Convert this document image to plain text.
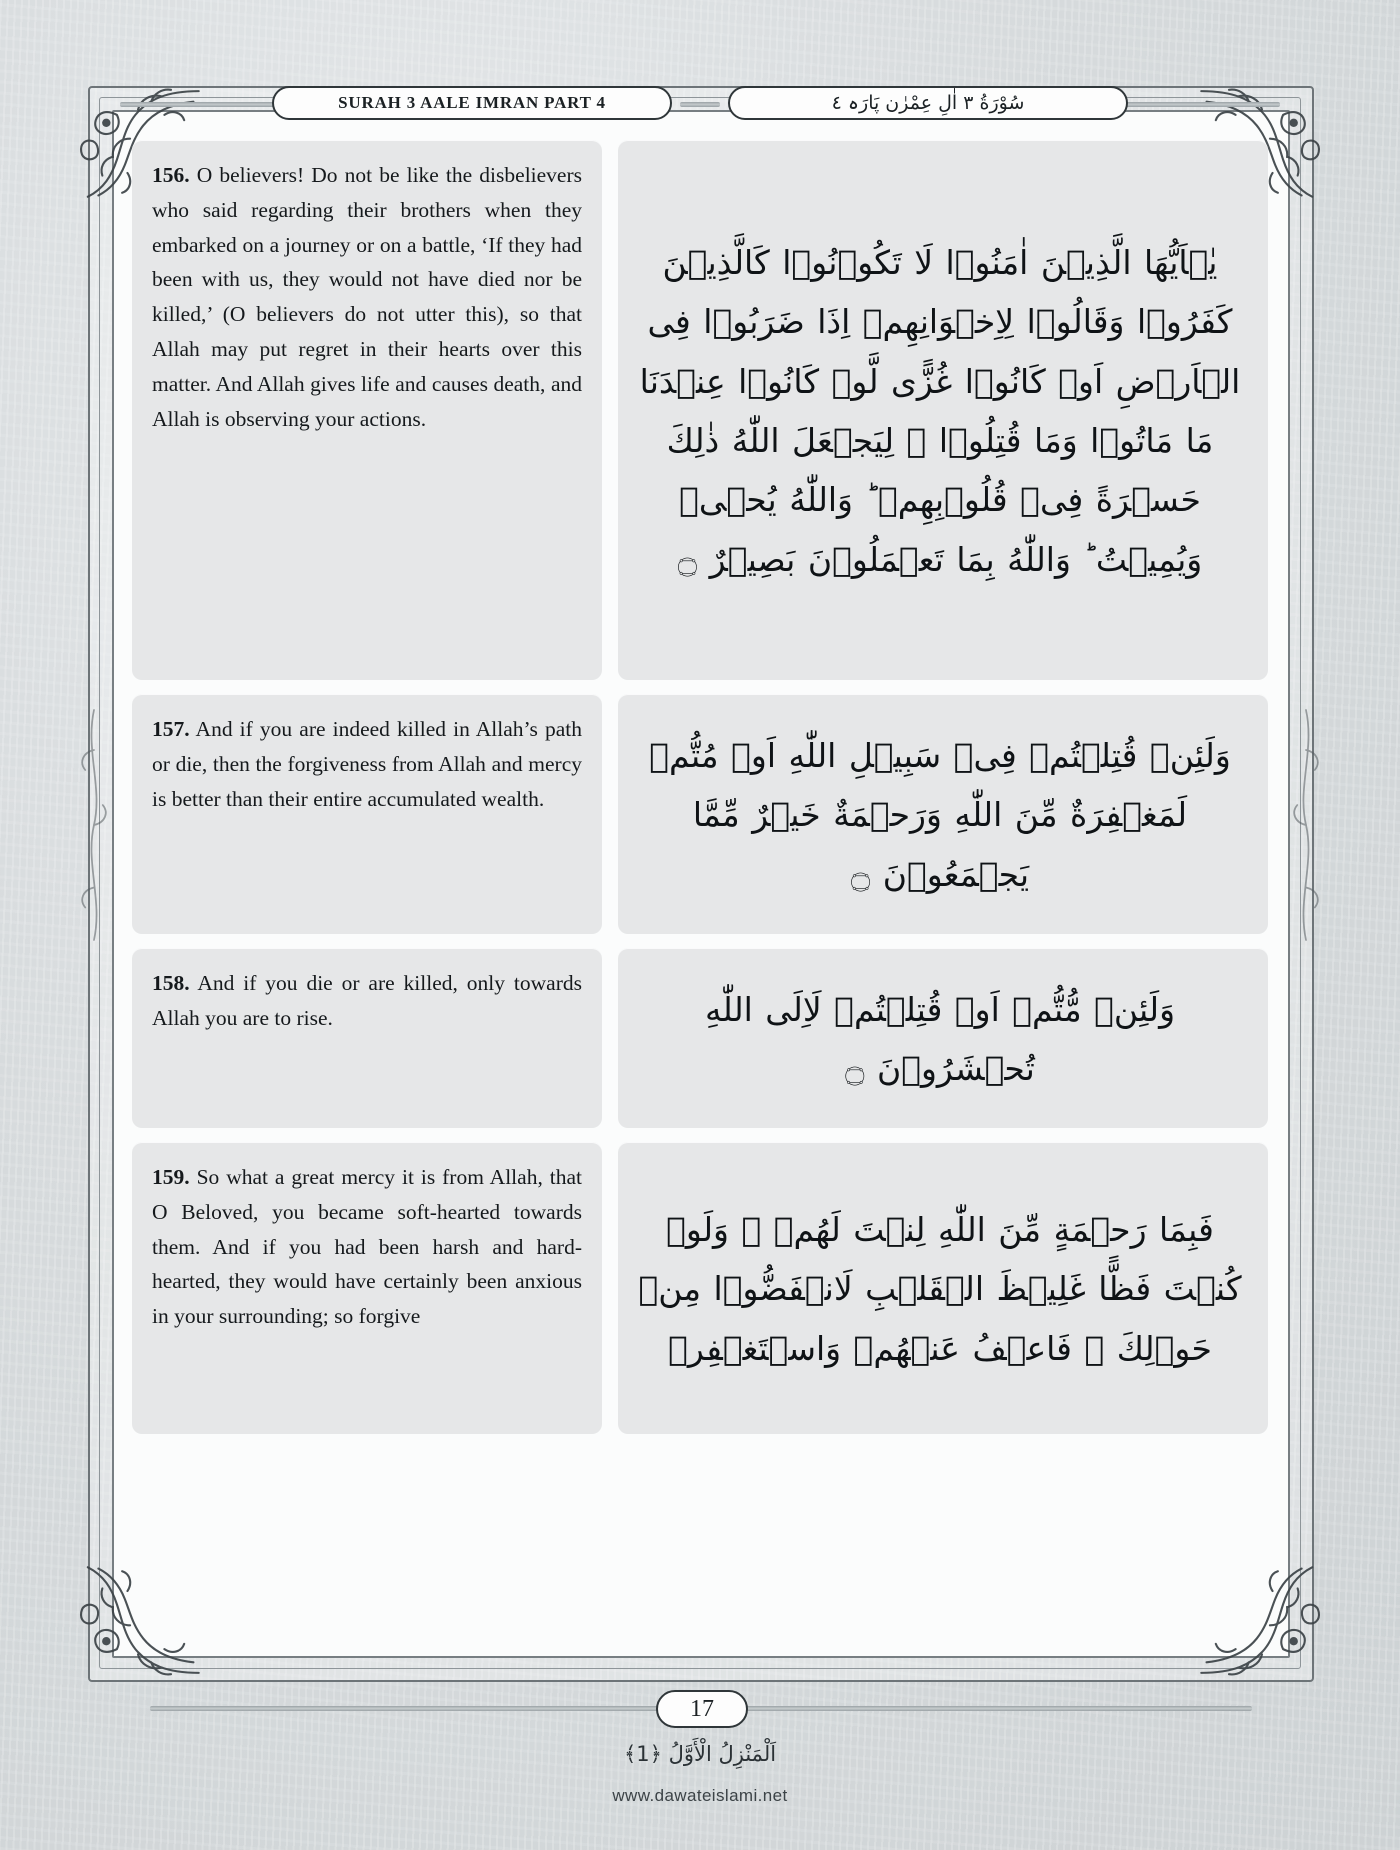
SURAH 3 AALE IMRAN PART 4	سُوْرَةُ ٣ اٰلِ عِمْرٰن پَارَہ ٤

156. O believers! Do not be like the disbelievers who said regarding their brothers when they embarked on a journey or on a battle, ‘If they had been with us, they would not have died nor be killed,’ (O believers do not utter this), so that Allah may put regret in their hearts over this matter. And Allah gives life and causes death, and Allah is observing your actions.

يٰۤاَيُّهَا الَّذِيۡنَ اٰمَنُوۡا لَا تَكُوۡنُوۡا كَالَّذِيۡنَ كَفَرُوۡا وَقَالُوۡا لِاِخۡوَانِهِمۡ اِذَا ضَرَبُوۡا فِى الۡاَرۡضِ اَوۡ كَانُوۡا غُزًّى لَّوۡ كَانُوۡا عِنۡدَنَا مَا مَاتُوۡا وَمَا قُتِلُوۡا ۚ لِيَجۡعَلَ اللّٰهُ ذٰلِكَ حَسۡرَةً فِىۡ قُلُوۡبِهِمۡ ؕ وَاللّٰهُ يُحۡىٖ وَيُمِيۡتُ ؕ وَاللّٰهُ بِمَا تَعۡمَلُوۡنَ بَصِيۡرٌ ۝

157. And if you are indeed killed in Allah’s path or die, then the forgiveness from Allah and mercy is better than their entire accumulated wealth.

وَلَئِنۡ قُتِلۡتُمۡ فِىۡ سَبِيۡلِ اللّٰهِ اَوۡ مُتُّمۡ لَمَغۡفِرَةٌ مِّنَ اللّٰهِ وَرَحۡمَةٌ خَيۡرٌ مِّمَّا يَجۡمَعُوۡنَ ۝

158. And if you die or are killed, only towards Allah you are to rise.	وَلَئِنۡ مُّتُّمۡ اَوۡ قُتِلۡتُمۡ لَاِلَى اللّٰهِ تُحۡشَرُوۡنَ ۝

159. So what a great mercy it is from Allah, that O Beloved, you became soft-hearted towards them. And if you had been harsh and hard-hearted, they would have certainly been anxious in your surrounding; so forgive

فَبِمَا رَحۡمَةٍ مِّنَ اللّٰهِ لِنۡتَ لَهُمۡ ۚ وَلَوۡ كُنۡتَ فَظًّا غَلِيۡظَ الۡقَلۡبِ لَانۡفَضُّوۡا مِنۡ حَوۡلِكَ ۪ فَاعۡفُ عَنۡهُمۡ وَاسۡتَغۡفِرۡ

17
اَلْمَنْزِلُ الْأَوَّلُ ﴿1﴾
www.dawateislami.net
